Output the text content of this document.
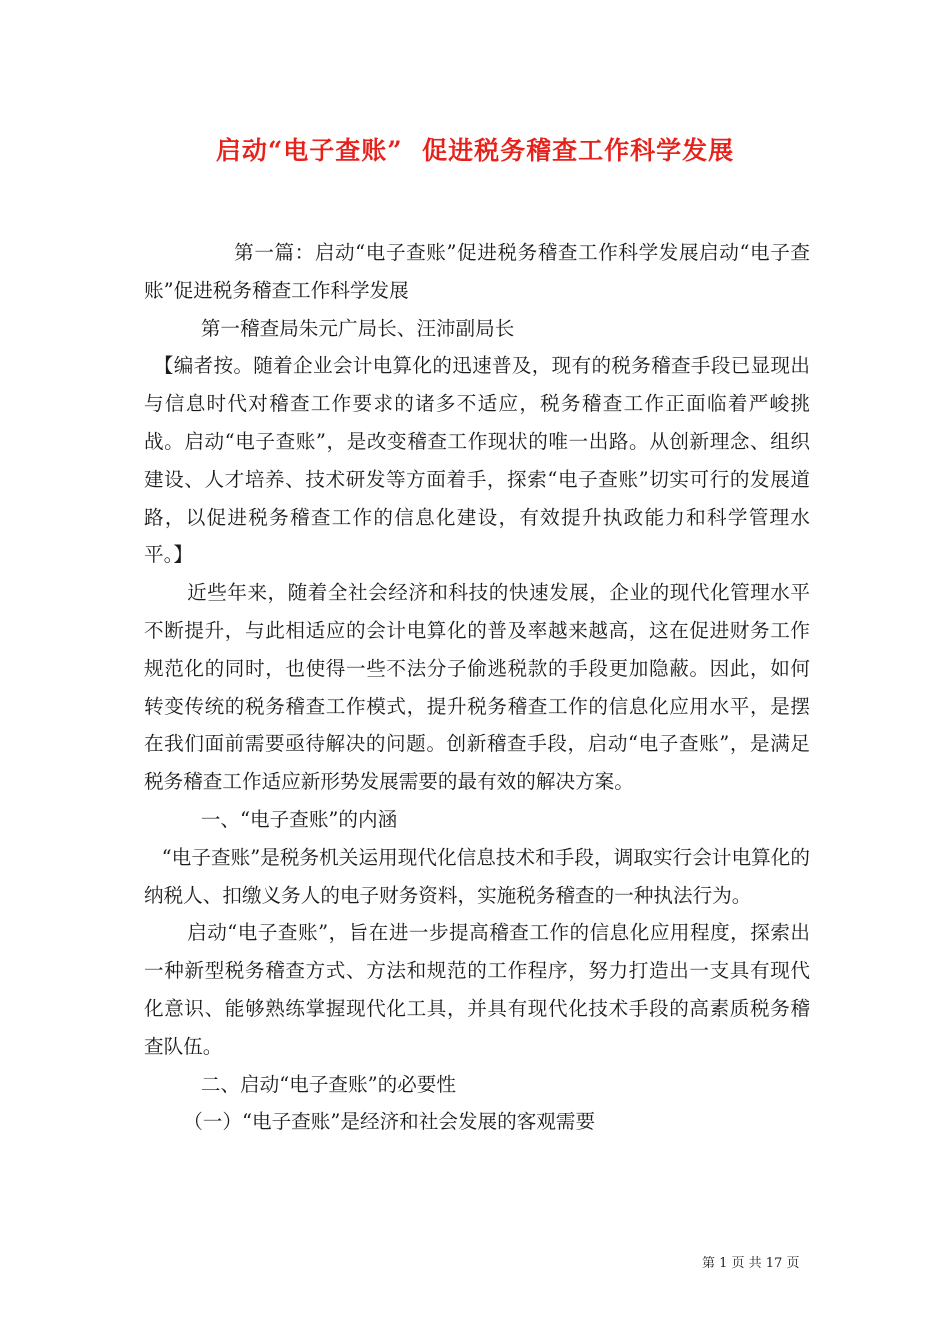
启动“电子查账”  促进税务稽查工作科学发展

第一篇：启动“电子查账”促进税务稽查工作科学发展启动“电子查账”促进税务稽查工作科学发展

第一稽查局朱元广局长、汪沛副局长

【编者按。随着企业会计电算化的迅速普及，现有的税务稽查手段已显现出与信息时代对稽查工作要求的诸多不适应，税务稽查工作正面临着严峻挑战。启动“电子查账”，是改变稽查工作现状的唯一出路。从创新理念、组织建设、人才培养、技术研发等方面着手，探索“电子查账”切实可行的发展道路，以促进税务稽查工作的信息化建设，有效提升执政能力和科学管理水平。】

近些年来，随着全社会经济和科技的快速发展，企业的现代化管理水平不断提升，与此相适应的会计电算化的普及率越来越高，这在促进财务工作规范化的同时，也使得一些不法分子偷逃税款的手段更加隐蔽。因此，如何转变传统的税务稽查工作模式，提升税务稽查工作的信息化应用水平，是摆在我们面前需要亟待解决的问题。创新稽查手段，启动“电子查账”，是满足税务稽查工作适应新形势发展需要的最有效的解决方案。

一、“电子查账”的内涵

“电子查账”是税务机关运用现代化信息技术和手段，调取实行会计电算化的纳税人、扣缴义务人的电子财务资料，实施税务稽查的一种执法行为。

启动“电子查账”，旨在进一步提高稽查工作的信息化应用程度，探索出一种新型税务稽查方式、方法和规范的工作程序，努力打造出一支具有现代化意识、能够熟练掌握现代化工具，并具有现代化技术手段的高素质税务稽查队伍。

二、启动“电子查账”的必要性

（一）“电子查账”是经济和社会发展的客观需要

第 1 页 共 17 页
